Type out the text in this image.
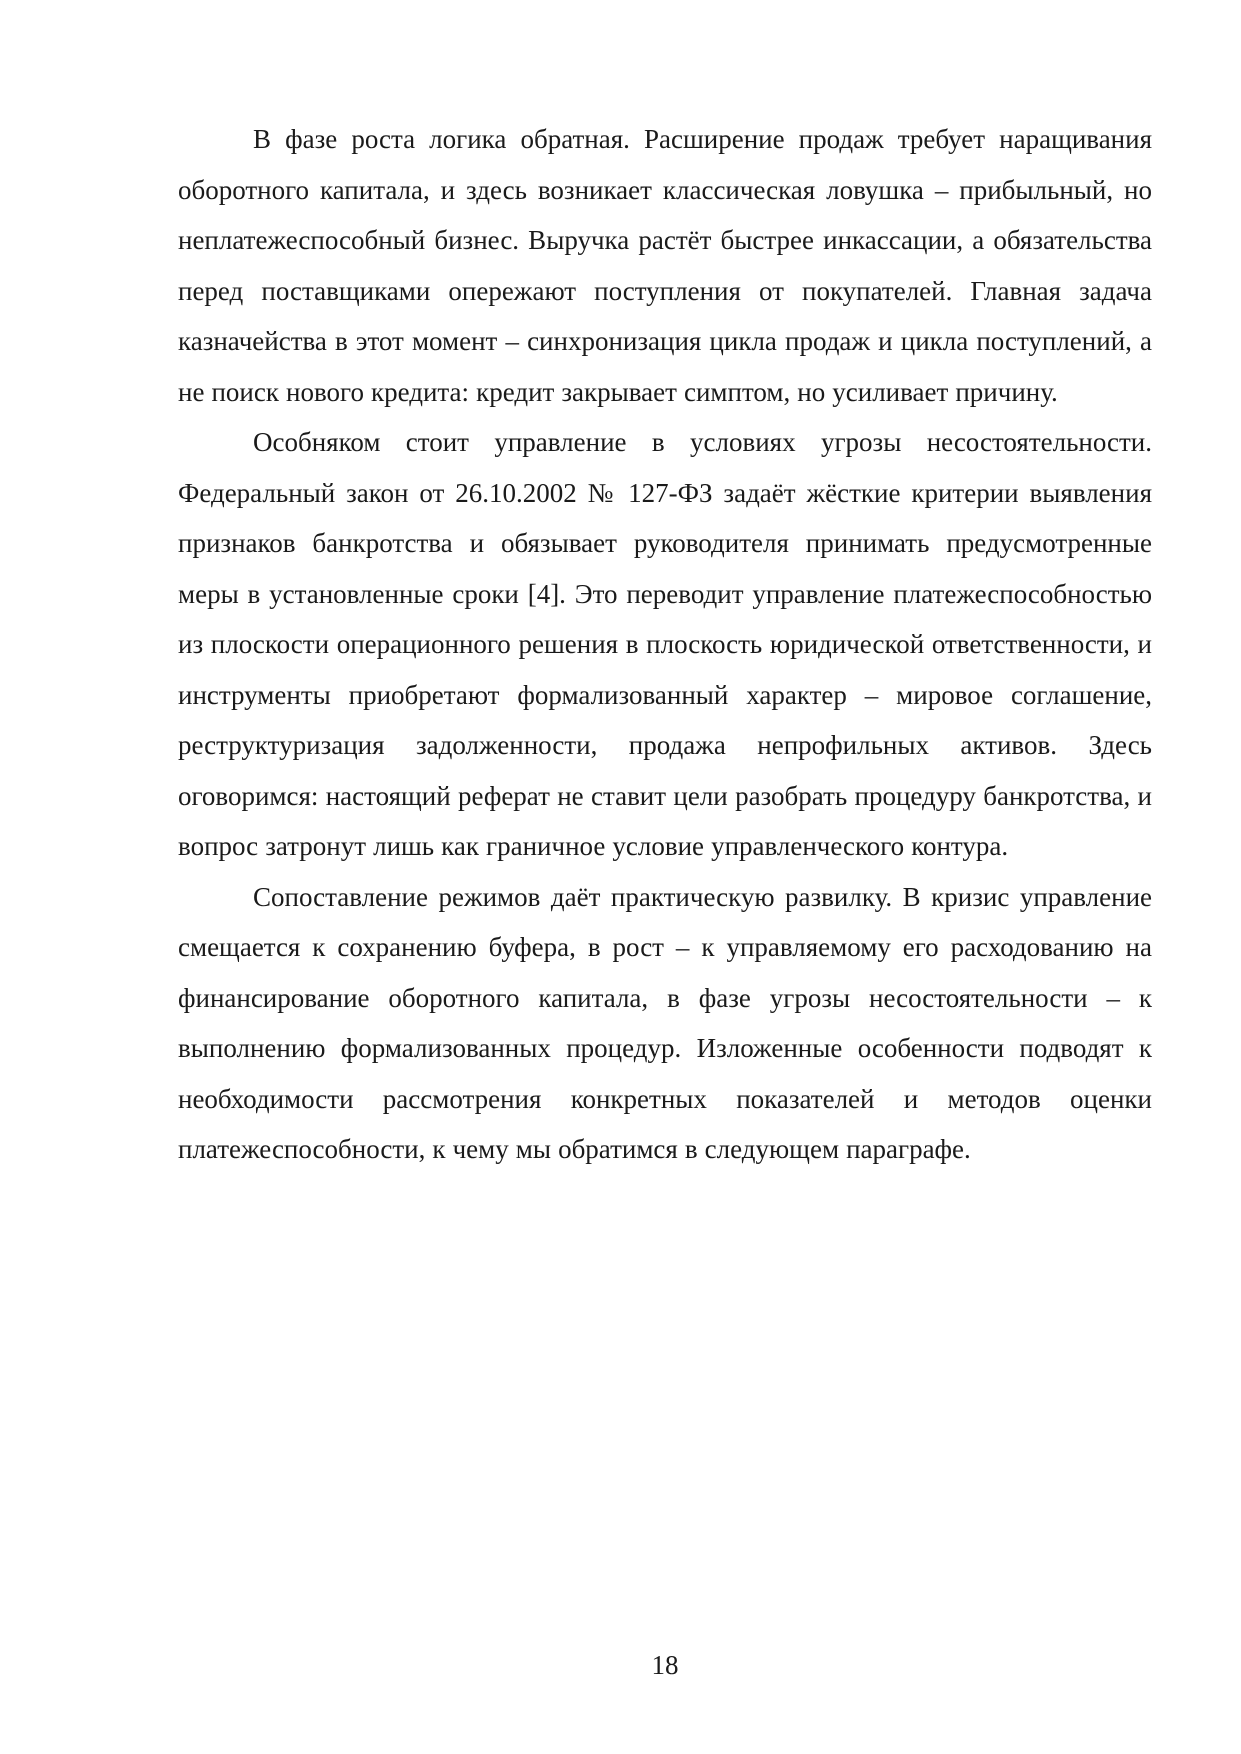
В фазе роста логика обратная. Расширение продаж требует наращивания оборотного капитала, и здесь возникает классическая ловушка – прибыльный, но неплатежеспособный бизнес. Выручка растёт быстрее инкассации, а обязательства перед поставщиками опережают поступления от покупателей. Главная задача казначейства в этот момент – синхронизация цикла продаж и цикла поступлений, а не поиск нового кредита: кредит закрывает симптом, но усиливает причину.

Особняком стоит управление в условиях угрозы несостоятельности. Федеральный закон от 26.10.2002 № 127-ФЗ задаёт жёсткие критерии выявления признаков банкротства и обязывает руководителя принимать предусмотренные меры в установленные сроки [4]. Это переводит управление платежеспособностью из плоскости операционного решения в плоскость юридической ответственности, и инструменты приобретают формализованный характер – мировое соглашение, реструктуризация задолженности, продажа непрофильных активов. Здесь оговоримся: настоящий реферат не ставит цели разобрать процедуру банкротства, и вопрос затронут лишь как граничное условие управленческого контура.

Сопоставление режимов даёт практическую развилку. В кризис управление смещается к сохранению буфера, в рост – к управляемому его расходованию на финансирование оборотного капитала, в фазе угрозы несостоятельности – к выполнению формализованных процедур. Изложенные особенности подводят к необходимости рассмотрения конкретных показателей и методов оценки платежеспособности, к чему мы обратимся в следующем параграфе.

18
